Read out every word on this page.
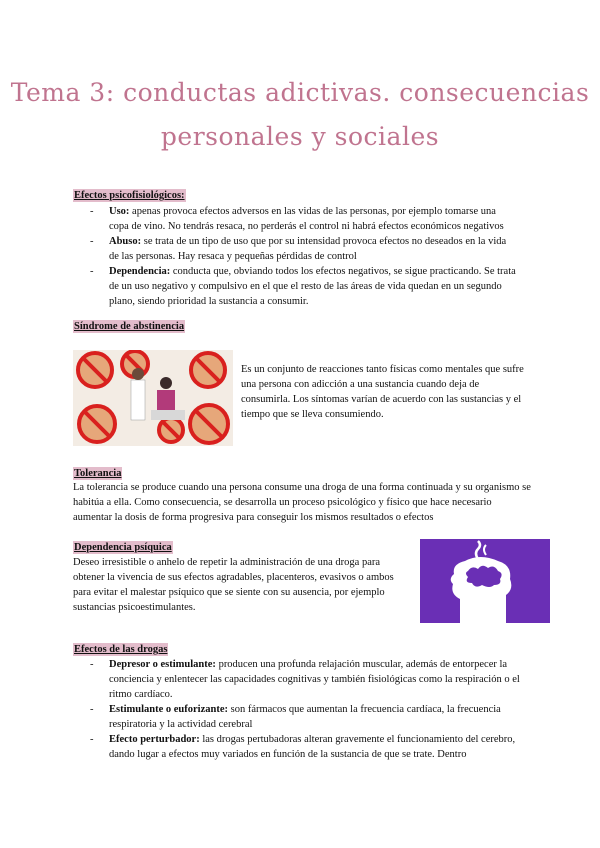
Tema 3: conductas adictivas. consecuencias
personales y sociales
Efectos psicofisiológicos:
- Uso: apenas provoca efectos adversos en las vidas de las personas, por ejemplo tomarse una copa de vino. No tendrás resaca, no perderás el control ni habrá efectos económicos negativos
- Abuso: se trata de un tipo de uso que por su intensidad provoca efectos no deseados en la vida de las personas. Hay resaca y pequeñas pérdidas de control
- Dependencia: conducta que, obviando todos los efectos negativos, se sigue practicando. Se trata de un uso negativo y compulsivo en el que el resto de las áreas de vida quedan en un segundo plano, siendo prioridad la sustancia a consumir.
Síndrome de abstinencia
Es un conjunto de reacciones tanto físicas como mentales que sufre una persona con adicción a una sustancia cuando deja de consumirla. Los síntomas varían de acuerdo con las sustancias y el tiempo que se lleva consumiendo.
Tolerancia
La tolerancia se produce cuando una persona consume una droga de una forma continuada y su organismo se habitúa a ella. Como consecuencia, se desarrolla un proceso psicológico y físico que hace necesario aumentar la dosis de forma progresiva para conseguir los mismos resultados o efectos
Dependencia psíquica
Deseo irresistible o anhelo de repetir la administración de una droga para obtener la vivencia de sus efectos agradables, placenteros, evasivos o ambos para evitar el malestar psíquico que se siente con su ausencia, por ejemplo sustancias psicoestimulantes.
Efectos de las drogas
- Depresor o estimulante: producen una profunda relajación muscular, además de entorpecer la conciencia y enlentecer las capacidades cognitivas y también fisiológicas como la respiración o el ritmo cardíaco.
- Estimulante o euforizante: son fármacos que aumentan la frecuencia cardíaca, la frecuencia respiratoria y la actividad cerebral
- Efecto perturbador: las drogas pertubadoras alteran gravemente el funcionamiento del cerebro, dando lugar a efectos muy variados en función de la sustancia de que se trate. Dentro
